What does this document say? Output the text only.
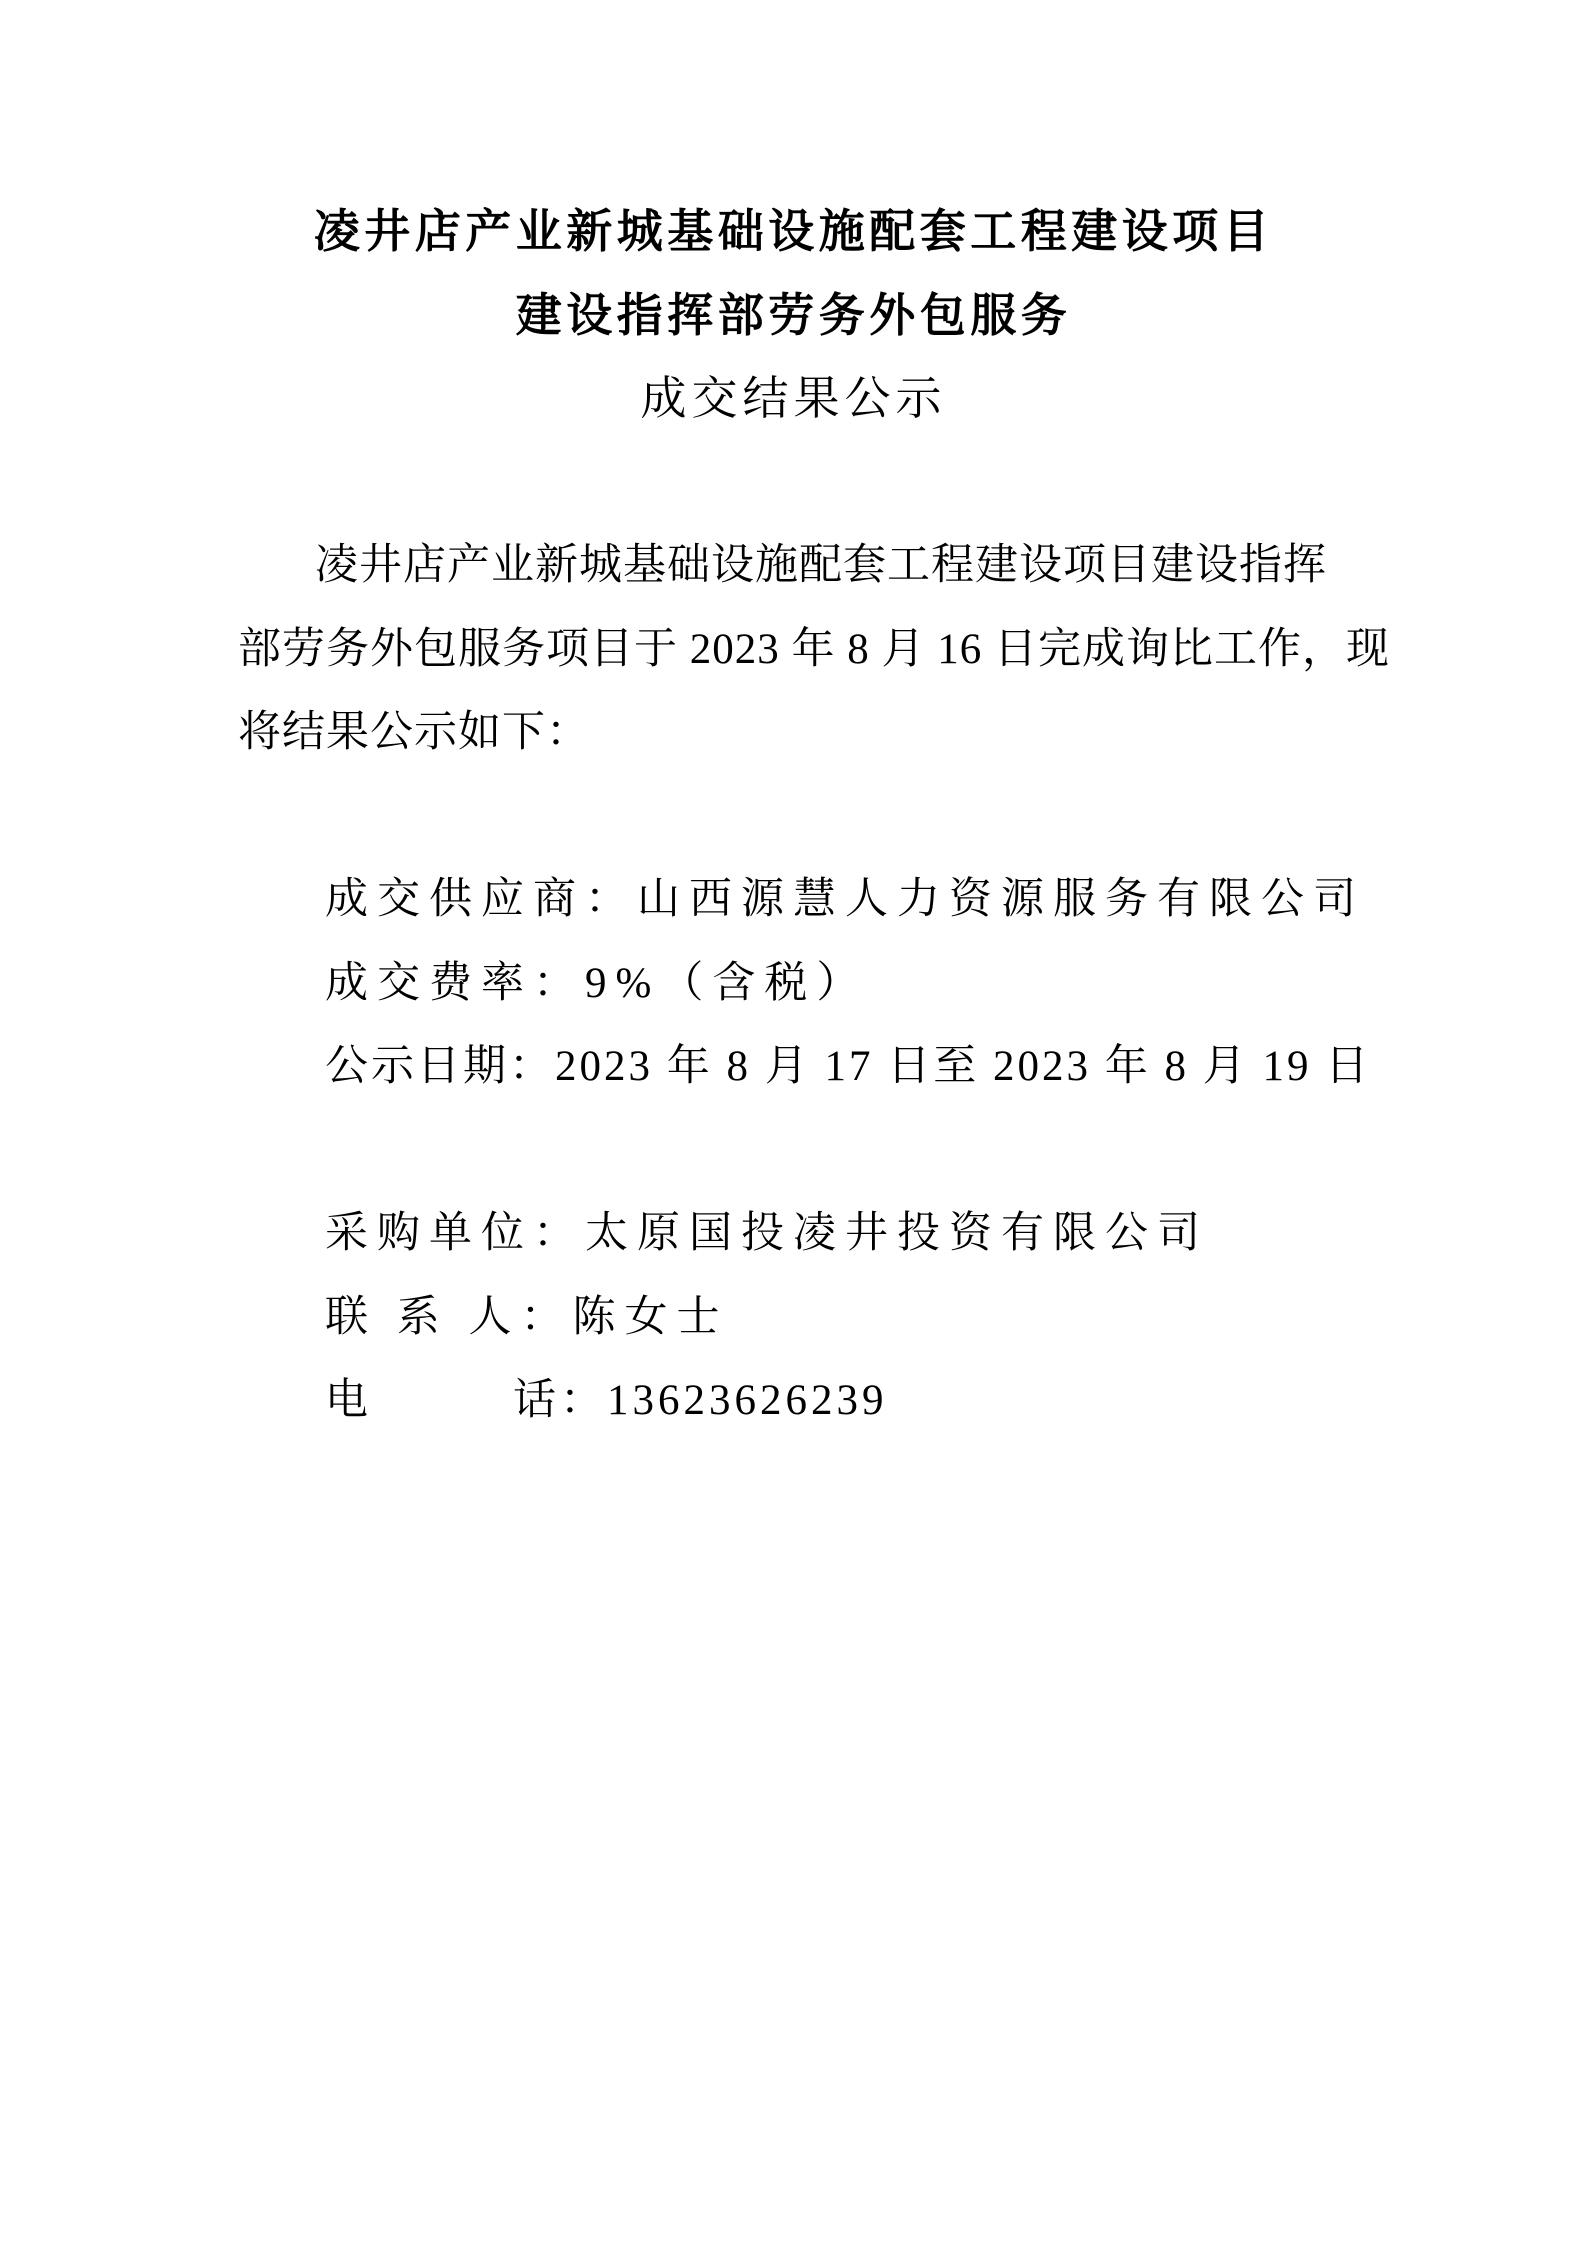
凌井店产业新城基础设施配套工程建设项目
建设指挥部劳务外包服务
成交结果公示
凌井店产业新城基础设施配套工程建设项目建设指挥
部劳务外包服务项目于 2023 年 8 月 16 日完成询比工作，现
将结果公示如下：
成交供应商：山西源慧人力资源服务有限公司
成交费率：9%（含税）
公示日期：2023 年 8 月 17 日至 2023 年 8 月 19 日
采购单位：太原国投凌井投资有限公司
联 系 人：陈女士
电　　　话：13623626239
